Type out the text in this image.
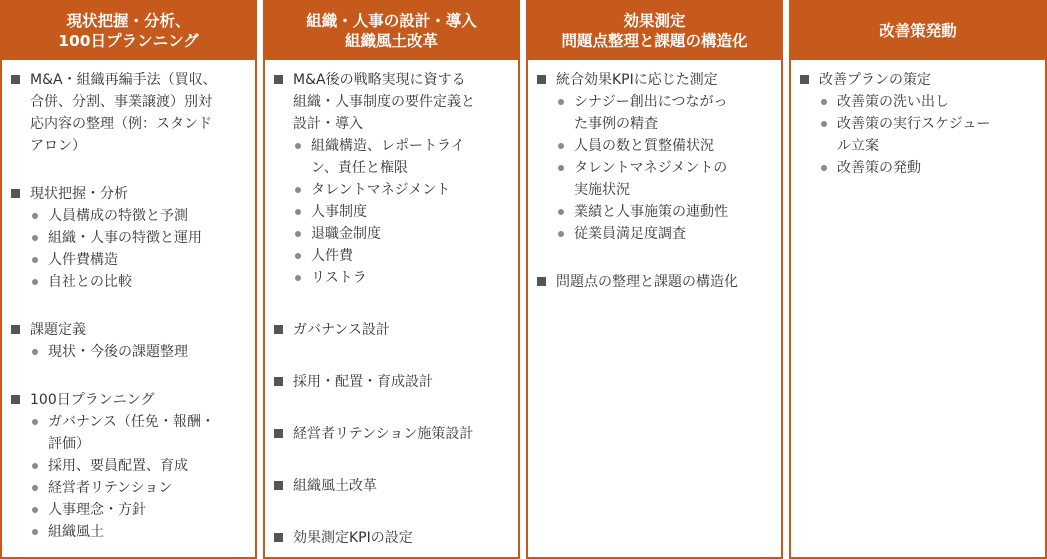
現状把握・分析、
100日プランニング
M&A・組織再編手法（買収、
合併、分割、事業譲渡）別対
応内容の整理（例：スタンド
アロン）
現状把握・分析
人員構成の特徴と予測
組織・人事の特徴と運用
人件費構造
自社との比較
課題定義
現状・今後の課題整理
100日プランニング
ガバナンス（任免・報酬・
評価）
採用、要員配置、育成
経営者リテンション
人事理念・方針
組織風土
組織・人事の設計・導入
組織風土改革
M&A後の戦略実現に資する
組織・人事制度の要件定義と
設計・導入
組織構造、レポートライ
ン、責任と権限
タレントマネジメント
人事制度
退職金制度
人件費
リストラ
ガバナンス設計
採用・配置・育成設計
経営者リテンション施策設計
組織風土改革
効果測定KPIの設定
効果測定
問題点整理と課題の構造化
統合効果KPIに応じた測定
シナジー創出につながっ
た事例の精査
人員の数と質整備状況
タレントマネジメントの
実施状況
業績と人事施策の連動性
従業員満足度調査
問題点の整理と課題の構造化
改善策発動
改善プランの策定
改善策の洗い出し
改善策の実行スケジュー
ル立案
改善策の発動
